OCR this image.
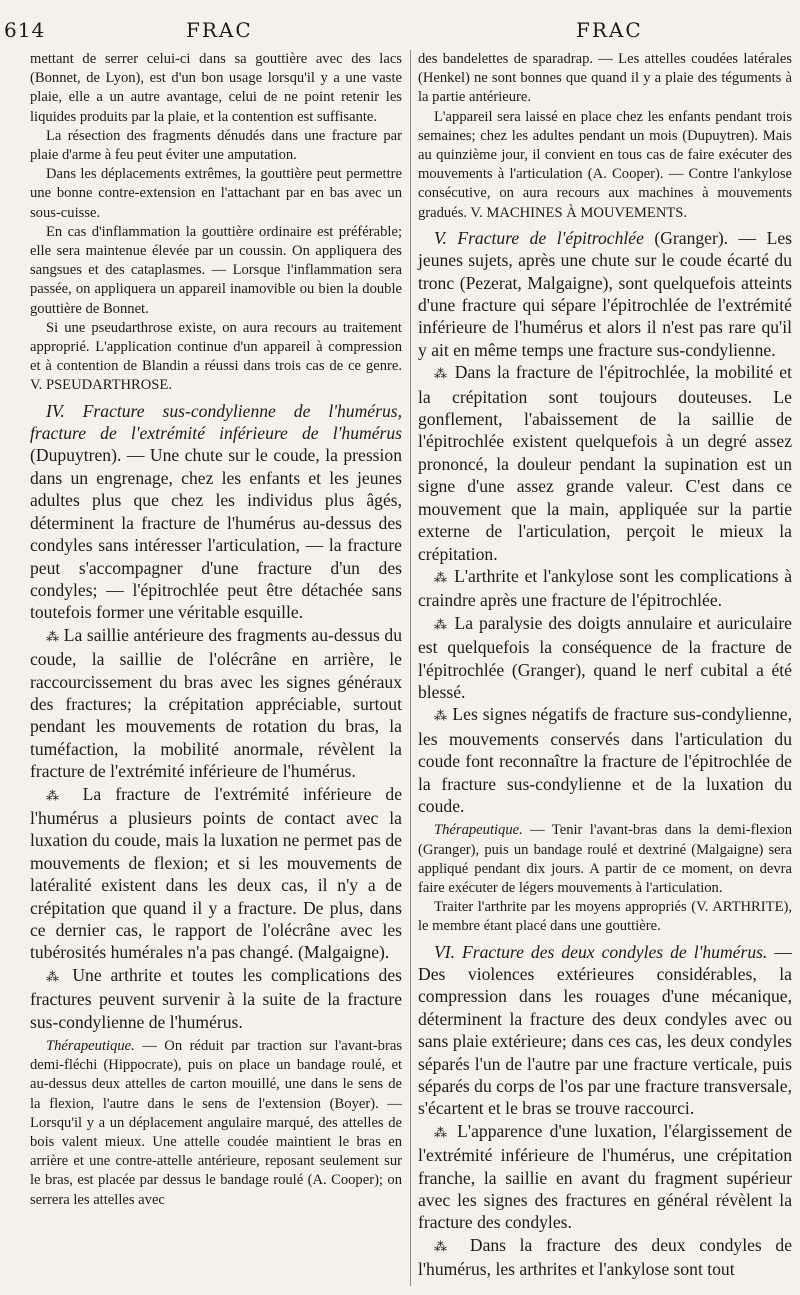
614	FRAC	FRAC

mettant de serrer celui-ci dans sa gouttière avec des lacs (Bonnet, de Lyon), est d'un bon usage lorsqu'il y a une vaste plaie, elle a un autre avantage, celui de ne point retenir les liquides produits par la plaie, et la contention est suffisante.

La résection des fragments dénudés dans une fracture par plaie d'arme à feu peut éviter une amputation.

Dans les déplacements extrêmes, la gouttière peut permettre une bonne contre-extension en l'attachant par en bas avec un sous-cuisse.

En cas d'inflammation la gouttière ordinaire est préférable; elle sera maintenue élevée par un coussin. On appliquera des sangsues et des cataplasmes. — Lorsque l'inflammation sera passée, on appliquera un appareil inamovible ou bien la double gouttière de Bonnet.

Si une pseudarthrose existe, on aura recours au traitement approprié. L'application continue d'un appareil à compression et à contention de Blandin a réussi dans trois cas de ce genre. V. PSEUDARTHROSE.

IV. Fracture sus-condylienne de l'humérus, fracture de l'extrémité inférieure de l'humérus (Dupuytren). — Une chute sur le coude, la pression dans un engrenage, chez les enfants et les jeunes adultes plus que chez les individus plus âgés, déterminent la fracture de l'humérus au-dessus des condyles sans intéresser l'articulation, — la fracture peut s'accompagner d'une fracture d'un des condyles; — l'épitrochlée peut être détachée sans toutefois former une véritable esquille.

⁂ La saillie antérieure des fragments au-dessus du coude, la saillie de l'olécrâne en arrière, le raccourcissement du bras avec les signes généraux des fractures; la crépitation appréciable, surtout pendant les mouvements de rotation du bras, la tuméfaction, la mobilité anormale, révèlent la fracture de l'extrémité inférieure de l'humérus.

⁂ La fracture de l'extrémité inférieure de l'humérus a plusieurs points de contact avec la luxation du coude, mais la luxation ne permet pas de mouvements de flexion; et si les mouvements de latéralité existent dans les deux cas, il n'y a de crépitation que quand il y a fracture. De plus, dans ce dernier cas, le rapport de l'olécrâne avec les tubérosités humérales n'a pas changé. (Malgaigne).

⁂ Une arthrite et toutes les complications des fractures peuvent survenir à la suite de la fracture sus-condylienne de l'humérus.

Thérapeutique. — On réduit par traction sur l'avant-bras demi-fléchi (Hippocrate), puis on place un bandage roulé, et au-dessus deux attelles de carton mouillé, une dans le sens de la flexion, l'autre dans le sens de l'extension (Boyer). — Lorsqu'il y a un déplacement angulaire marqué, des attelles de bois valent mieux. Une attelle coudée maintient le bras en arrière et une contre-attelle antérieure, reposant seulement sur le bras, est placée par dessus le bandage roulé (A. Cooper); on serrera les attelles avec

des bandelettes de sparadrap. — Les attelles coudées latérales (Henkel) ne sont bonnes que quand il y a plaie des téguments à la partie antérieure.

L'appareil sera laissé en place chez les enfants pendant trois semaines; chez les adultes pendant un mois (Dupuytren). Mais au quinzième jour, il convient en tous cas de faire exécuter des mouvements à l'articulation (A. Cooper). — Contre l'ankylose consécutive, on aura recours aux machines à mouvements gradués. V. MACHINES À MOUVEMENTS.

V. Fracture de l'épitrochlée (Granger). — Les jeunes sujets, après une chute sur le coude écarté du tronc (Pezerat, Malgaigne), sont quelquefois atteints d'une fracture qui sépare l'épitrochlée de l'extrémité inférieure de l'humérus et alors il n'est pas rare qu'il y ait en même temps une fracture sus-condylienne.

⁂ Dans la fracture de l'épitrochlée, la mobilité et la crépitation sont toujours douteuses. Le gonflement, l'abaissement de la saillie de l'épitrochlée existent quelquefois à un degré assez prononcé, la douleur pendant la supination est un signe d'une assez grande valeur. C'est dans ce mouvement que la main, appliquée sur la partie externe de l'articulation, perçoit le mieux la crépitation.

⁂ L'arthrite et l'ankylose sont les complications à craindre après une fracture de l'épitrochlée.

⁂ La paralysie des doigts annulaire et auriculaire est quelquefois la conséquence de la fracture de l'épitrochlée (Granger), quand le nerf cubital a été blessé.

⁂ Les signes négatifs de fracture sus-condylienne, les mouvements conservés dans l'articulation du coude font reconnaître la fracture de l'épitrochlée de la fracture sus-condylienne et de la luxation du coude.

Thérapeutique. — Tenir l'avant-bras dans la demi-flexion (Granger), puis un bandage roulé et dextriné (Malgaigne) sera appliqué pendant dix jours. A partir de ce moment, on devra faire exécuter de légers mouvements à l'articulation.

Traiter l'arthrite par les moyens appropriés (V. ARTHRITE), le membre étant placé dans une gouttière.

VI. Fracture des deux condyles de l'humérus. — Des violences extérieures considérables, la compression dans les rouages d'une mécanique, déterminent la fracture des deux condyles avec ou sans plaie extérieure; dans ces cas, les deux condyles séparés l'un de l'autre par une fracture verticale, puis séparés du corps de l'os par une fracture transversale, s'écartent et le bras se trouve raccourci.

⁂ L'apparence d'une luxation, l'élargissement de l'extrémité inférieure de l'humérus, une crépitation franche, la saillie en avant du fragment supérieur avec les signes des fractures en général révèlent la fracture des condyles.

⁂ Dans la fracture des deux condyles de l'humérus, les arthrites et l'ankylose sont tout
